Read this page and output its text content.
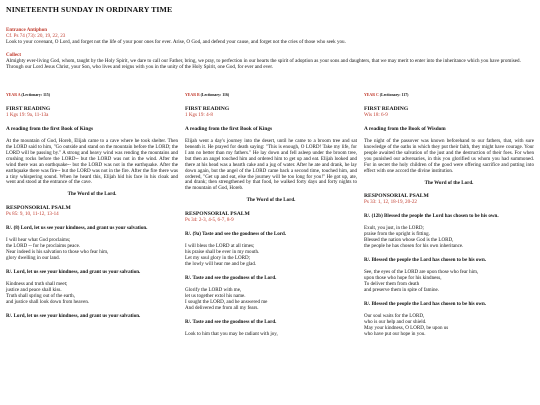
NINETEENTH SUNDAY IN ORDINARY TIME
Entrance Antiphon
Cf. Ps 74 (73): 20, 19, 22, 23
Look to your covenant, O Lord, and forget not the life of your poor ones for ever. Arise, O God, and defend your cause, and forget not the cries of those who seek you.
Collect
Almighty ever-living God, whom, taught by the Holy Spirit, we dare to call our Father, bring, we pray, to perfection in our hearts the spirit of adoption as your sons and daughters, that we may merit to enter into the inheritance which you have promised. Through our Lord Jesus Christ, your Son, who lives and reigns with you in the unity of the Holy Spirit, one God, for ever and ever.
YEAR A (Lectionary: 115)
FIRST READING
1 Kgs 19: 9a, 11-13a
A reading from the first Book of Kings

At the mountain of God, Horeb, Elijah came to a cave where he took shelter. Then the LORD said to him, "Go outside and stand on the mountain before the LORD; the LORD will be passing by." A strong and heavy wind was rending the mountains and crushing rocks before the LORD-- but the LORD was not in the wind. After the wind there was an earthquake-- but the LORD was not in the earthquake. After the earthquake there was fire-- but the LORD was not in the fire. After the fire there was a tiny whispering sound. When he heard this, Elijah hid his face in his cloak and went and stood at the entrance of the cave.

The Word of the Lord.
RESPONSORIAL PSALM
Ps 85: 9, 10, 11-12, 13-14
R/. (8) Lord, let us see your kindness, and grant us your salvation.
I will hear what God proclaims;
the LORD -- for he proclaims peace.
Near indeed is his salvation to those who fear him,
glory dwelling in our land.
R/. Lord, let us see your kindness, and grant us your salvation.
Kindness and truth shall meet;
justice and peace shall kiss.
Truth shall spring out of the earth,
and justice shall look down from heaven.
R/. Lord, let us see your kindness, and grant us your salvation.
YEAR B (Lectionary: 116)
FIRST READING
1 Kgs 19: 4-8
A reading from the first Book of Kings

Elijah went a day's journey into the desert, until he came to a broom tree and sat beneath it. He prayed for death saying: "This is enough, O LORD! Take my life, for I am no better than my fathers." He lay down and fell asleep under the broom tree, but then an angel touched him and ordered him to get up and eat. Elijah looked and there at his head was a hearth cake and a jug of water. After he ate and drank, he lay down again, but the angel of the LORD came back a second time, touched him, and ordered, "Get up and eat, else the journey will be too long for you!" He got up, ate, and drank; then strengthened by that food, he walked forty days and forty nights to the mountain of God, Horeb.

The Word of the Lord.
RESPONSORIAL PSALM
Ps 34: 2-3, 4-5, 6-7, 8-9
R/. (9a) Taste and see the goodness of the Lord.
I will bless the LORD at all times;
his praise shall be ever in my mouth.
Let my soul glory in the LORD;
the lowly will hear me and be glad.
R/. Taste and see the goodness of the Lord.
Glorify the LORD with me,
let us together extol his name.
I sought the LORD, and he answered me
And delivered me from all my fears.
R/. Taste and see the goodness of the Lord.
Look to him that you may be radiant with joy,
YEAR C (Lectionary: 117)
FIRST READING
Wis 18: 6-9
A reading from the Book of Wisdom

The night of the passover was known beforehand to our fathers, that, with sure knowledge of the oaths in which they put their faith, they might have courage. Your people awaited the salvation of the just and the destruction of their foes. For when you punished our adversaries, in this you glorified us whom you had summoned. For in secret the holy children of the good were offering sacrifice and putting into effect with one accord the divine institution.

The Word of the Lord.
RESPONSORIAL PSALM
Ps 33: 1, 12, 18-19, 20-22
R/. (12b) Blessed the people the Lord has chosen to be his own.
Exult, you just, in the LORD;
praise from the upright is fitting.
Blessed the nation whose God is the LORD,
the people he has chosen for his own inheritance.
R/. Blessed the people the Lord has chosen to be his own.
See, the eyes of the LORD are upon those who fear him,
upon those who hope for his kindness,
To deliver them from death
and preserve them in spite of famine.
R/. Blessed the people the Lord has chosen to be his own.
Our soul waits for the LORD,
who is our help and our shield.
May your kindness, O LORD, be upon us
who have put our hope in you.
